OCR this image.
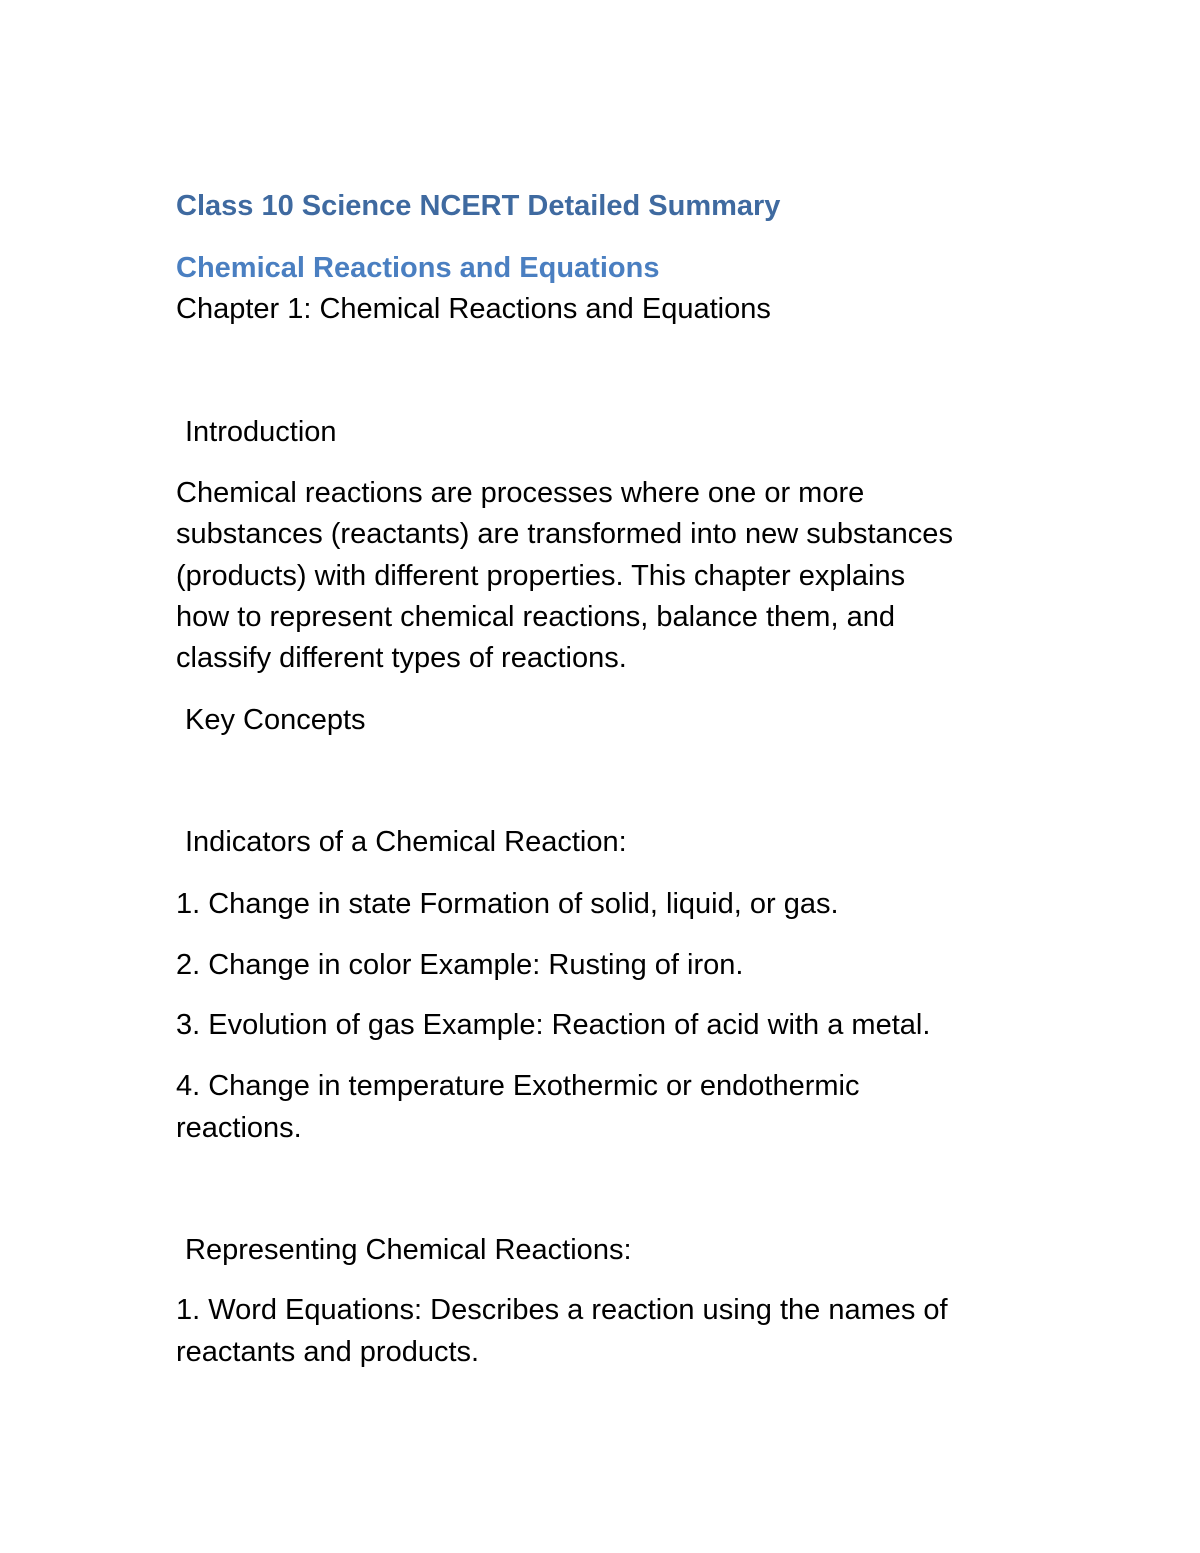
Class 10 Science NCERT Detailed Summary
Chemical Reactions and Equations

Chapter 1: Chemical Reactions and Equations

Introduction

Chemical reactions are processes where one or more

substances (reactants) are transformed into new substances

(products) with different properties. This chapter explains

how to represent chemical reactions, balance them, and

classify different types of reactions.

Key Concepts

Indicators of a Chemical Reaction:

1. Change in state Formation of solid, liquid, or gas.

2. Change in color Example: Rusting of iron.

3. Evolution of gas Example: Reaction of acid with a metal.

4. Change in temperature Exothermic or endothermic

reactions.

Representing Chemical Reactions:

1. Word Equations: Describes a reaction using the names of

reactants and products.
